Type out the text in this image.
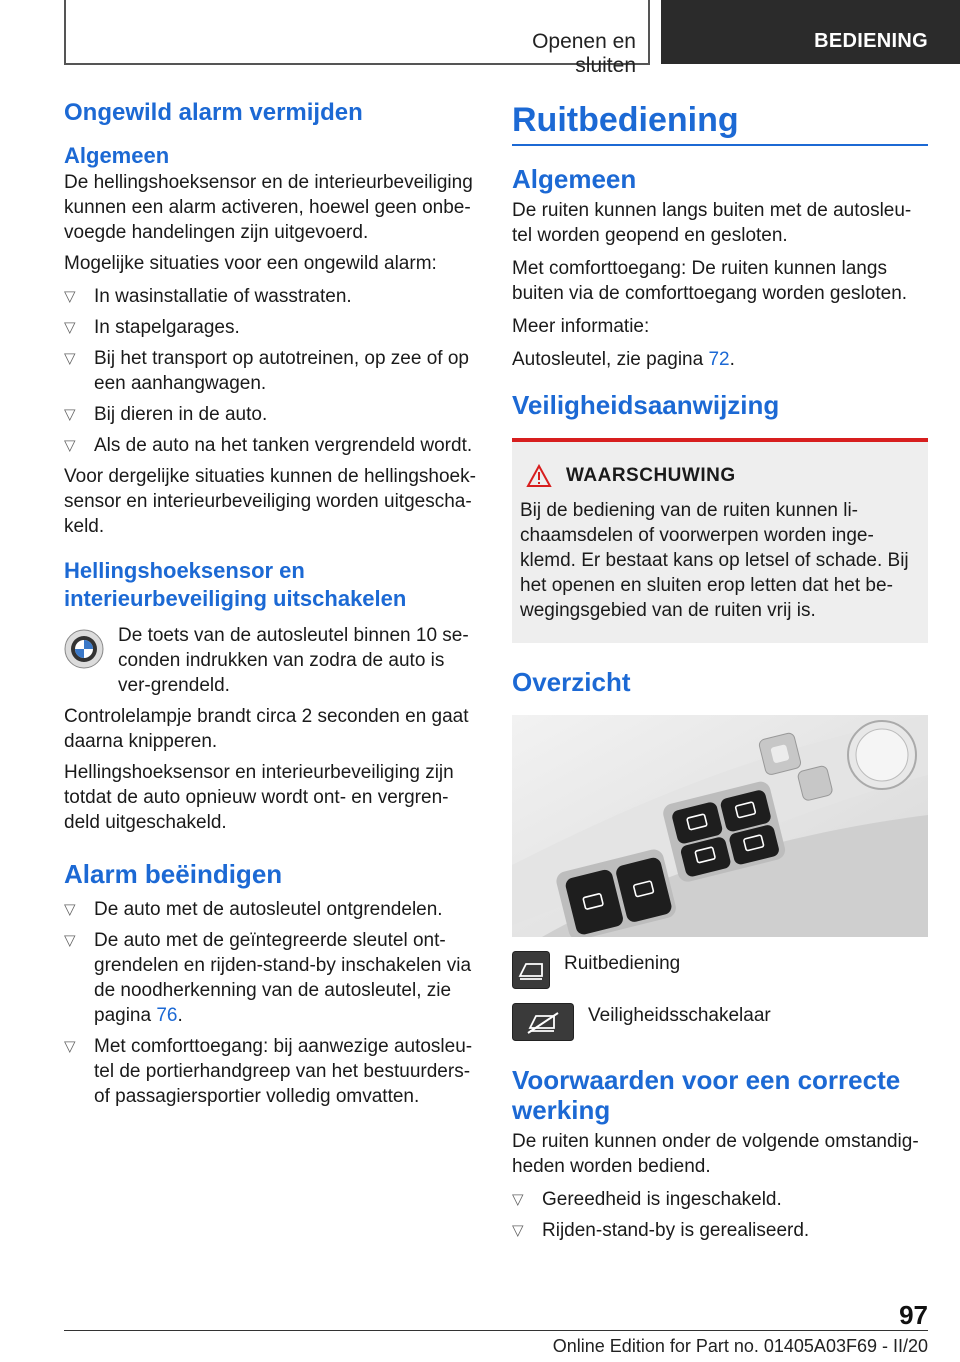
Openen en sluiten
BEDIENING
Ongewild alarm vermijden
Algemeen

De hellingshoeksensor en de interieurbeveiliging kunnen een alarm activeren, hoewel geen onbe-voegde handelingen zijn uitgevoerd.

Mogelijke situaties voor een ongewild alarm:

▽ In wasinstallatie of wasstraten.
▽ In stapelgarages.
▽ Bij het transport op autotreinen, op zee of op een aanhangwagen.
▽ Bij dieren in de auto.
▽ Als de auto na het tanken vergrendeld wordt.

Voor dergelijke situaties kunnen de hellingshoek-sensor en interieurbeveiliging worden uitgescha-keld.

Hellingshoeksensor en interieurbeveiliging uitschakelen

De toets van de autosleutel binnen 10 se-conden indrukken van zodra de auto is ver-grendeld.

Controlelampje brandt circa 2 seconden en gaat daarna knipperen.

Hellingshoeksensor en interieurbeveiliging zijn totdat de auto opnieuw wordt ont- en vergren-deld uitgeschakeld.

Alarm beëindigen
▽ De auto met de autosleutel ontgrendelen.
▽ De auto met de geïntegreerde sleutel ont-grendelen en rijden-stand-by inschakelen via de noodherkenning van de autosleutel, zie pagina 76.
▽ Met comforttoegang: bij aanwezige autosleu-tel de portierhandgreep van het bestuurders-of passagiersportier volledig omvatten.
Ruitbediening
Algemeen

De ruiten kunnen langs buiten met de autosleu-tel worden geopend en gesloten.

Met comforttoegang: De ruiten kunnen langs buiten via de comforttoegang worden gesloten.

Meer informatie:

Autosleutel, zie pagina 72.

Veiligheidsaanwijzing
WAARSCHUWING

Bij de bediening van de ruiten kunnen li-chaamsdelen of voorwerpen worden inge-klemd. Er bestaat kans op letsel of schade. Bij het openen en sluiten erop letten dat het be-wegingsgebied van de ruiten vrij is.

Overzicht

Ruitbediening

Veiligheidsschakelaar

Voorwaarden voor een correcte werking

De ruiten kunnen onder de volgende omstandig-heden worden bediend.

▽ Gereedheid is ingeschakeld.
▽ Rijden-stand-by is gerealiseerd.
97
Online Edition for Part no. 01405A03F69 - II/20
